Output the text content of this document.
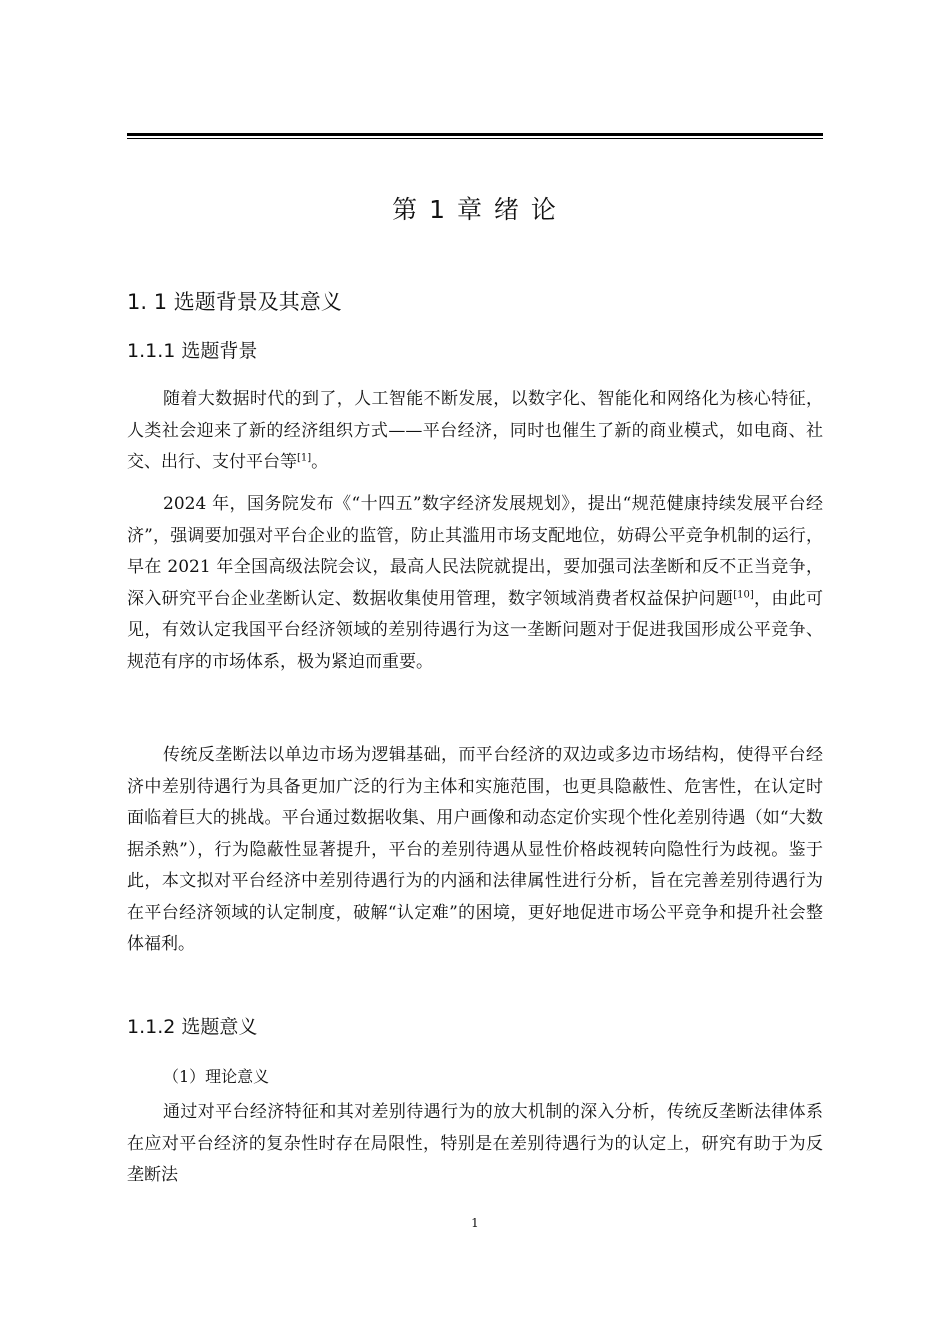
第 1 章 绪 论
1. 1 选题背景及其意义
1.1.1 选题背景

随着大数据时代的到了，人工智能不断发展，以数字化、智能化和网络化为核心特征，人类社会迎来了新的经济组织方式——平台经济，同时也催生了新的商业模式，如电商、社交、出行、支付平台等[1]。

2024 年，国务院发布《“十四五”数字经济发展规划》，提出“规范健康持续发展平台经济”，强调要加强对平台企业的监管，防止其滥用市场支配地位，妨碍公平竞争机制的运行，早在 2021 年全国高级法院会议，最高人民法院就提出，要加强司法垄断和反不正当竞争，深入研究平台企业垄断认定、数据收集使用管理，数字领域消费者权益保护问题[10]，由此可见，有效认定我国平台经济领域的差别待遇行为这一垄断问题对于促进我国形成公平竞争、规范有序的市场体系，极为紧迫而重要。

传统反垄断法以单边市场为逻辑基础，而平台经济的双边或多边市场结构，使得平台经济中差别待遇行为具备更加广泛的行为主体和实施范围，也更具隐蔽性、危害性，在认定时面临着巨大的挑战。平台通过数据收集、用户画像和动态定价实现个性化差别待遇（如“大数据杀熟”），行为隐蔽性显著提升，平台的差别待遇从显性价格歧视转向隐性行为歧视。鉴于此，本文拟对平台经济中差别待遇行为的内涵和法律属性进行分析，旨在完善差别待遇行为在平台经济领域的认定制度，破解“认定难”的困境，更好地促进市场公平竞争和提升社会整体福利。

1.1.2 选题意义
（1）理论意义

通过对平台经济特征和其对差别待遇行为的放大机制的深入分析，传统反垄断法律体系在应对平台经济的复杂性时存在局限性，特别是在差别待遇行为的认定上，研究有助于为反垄断法

1
